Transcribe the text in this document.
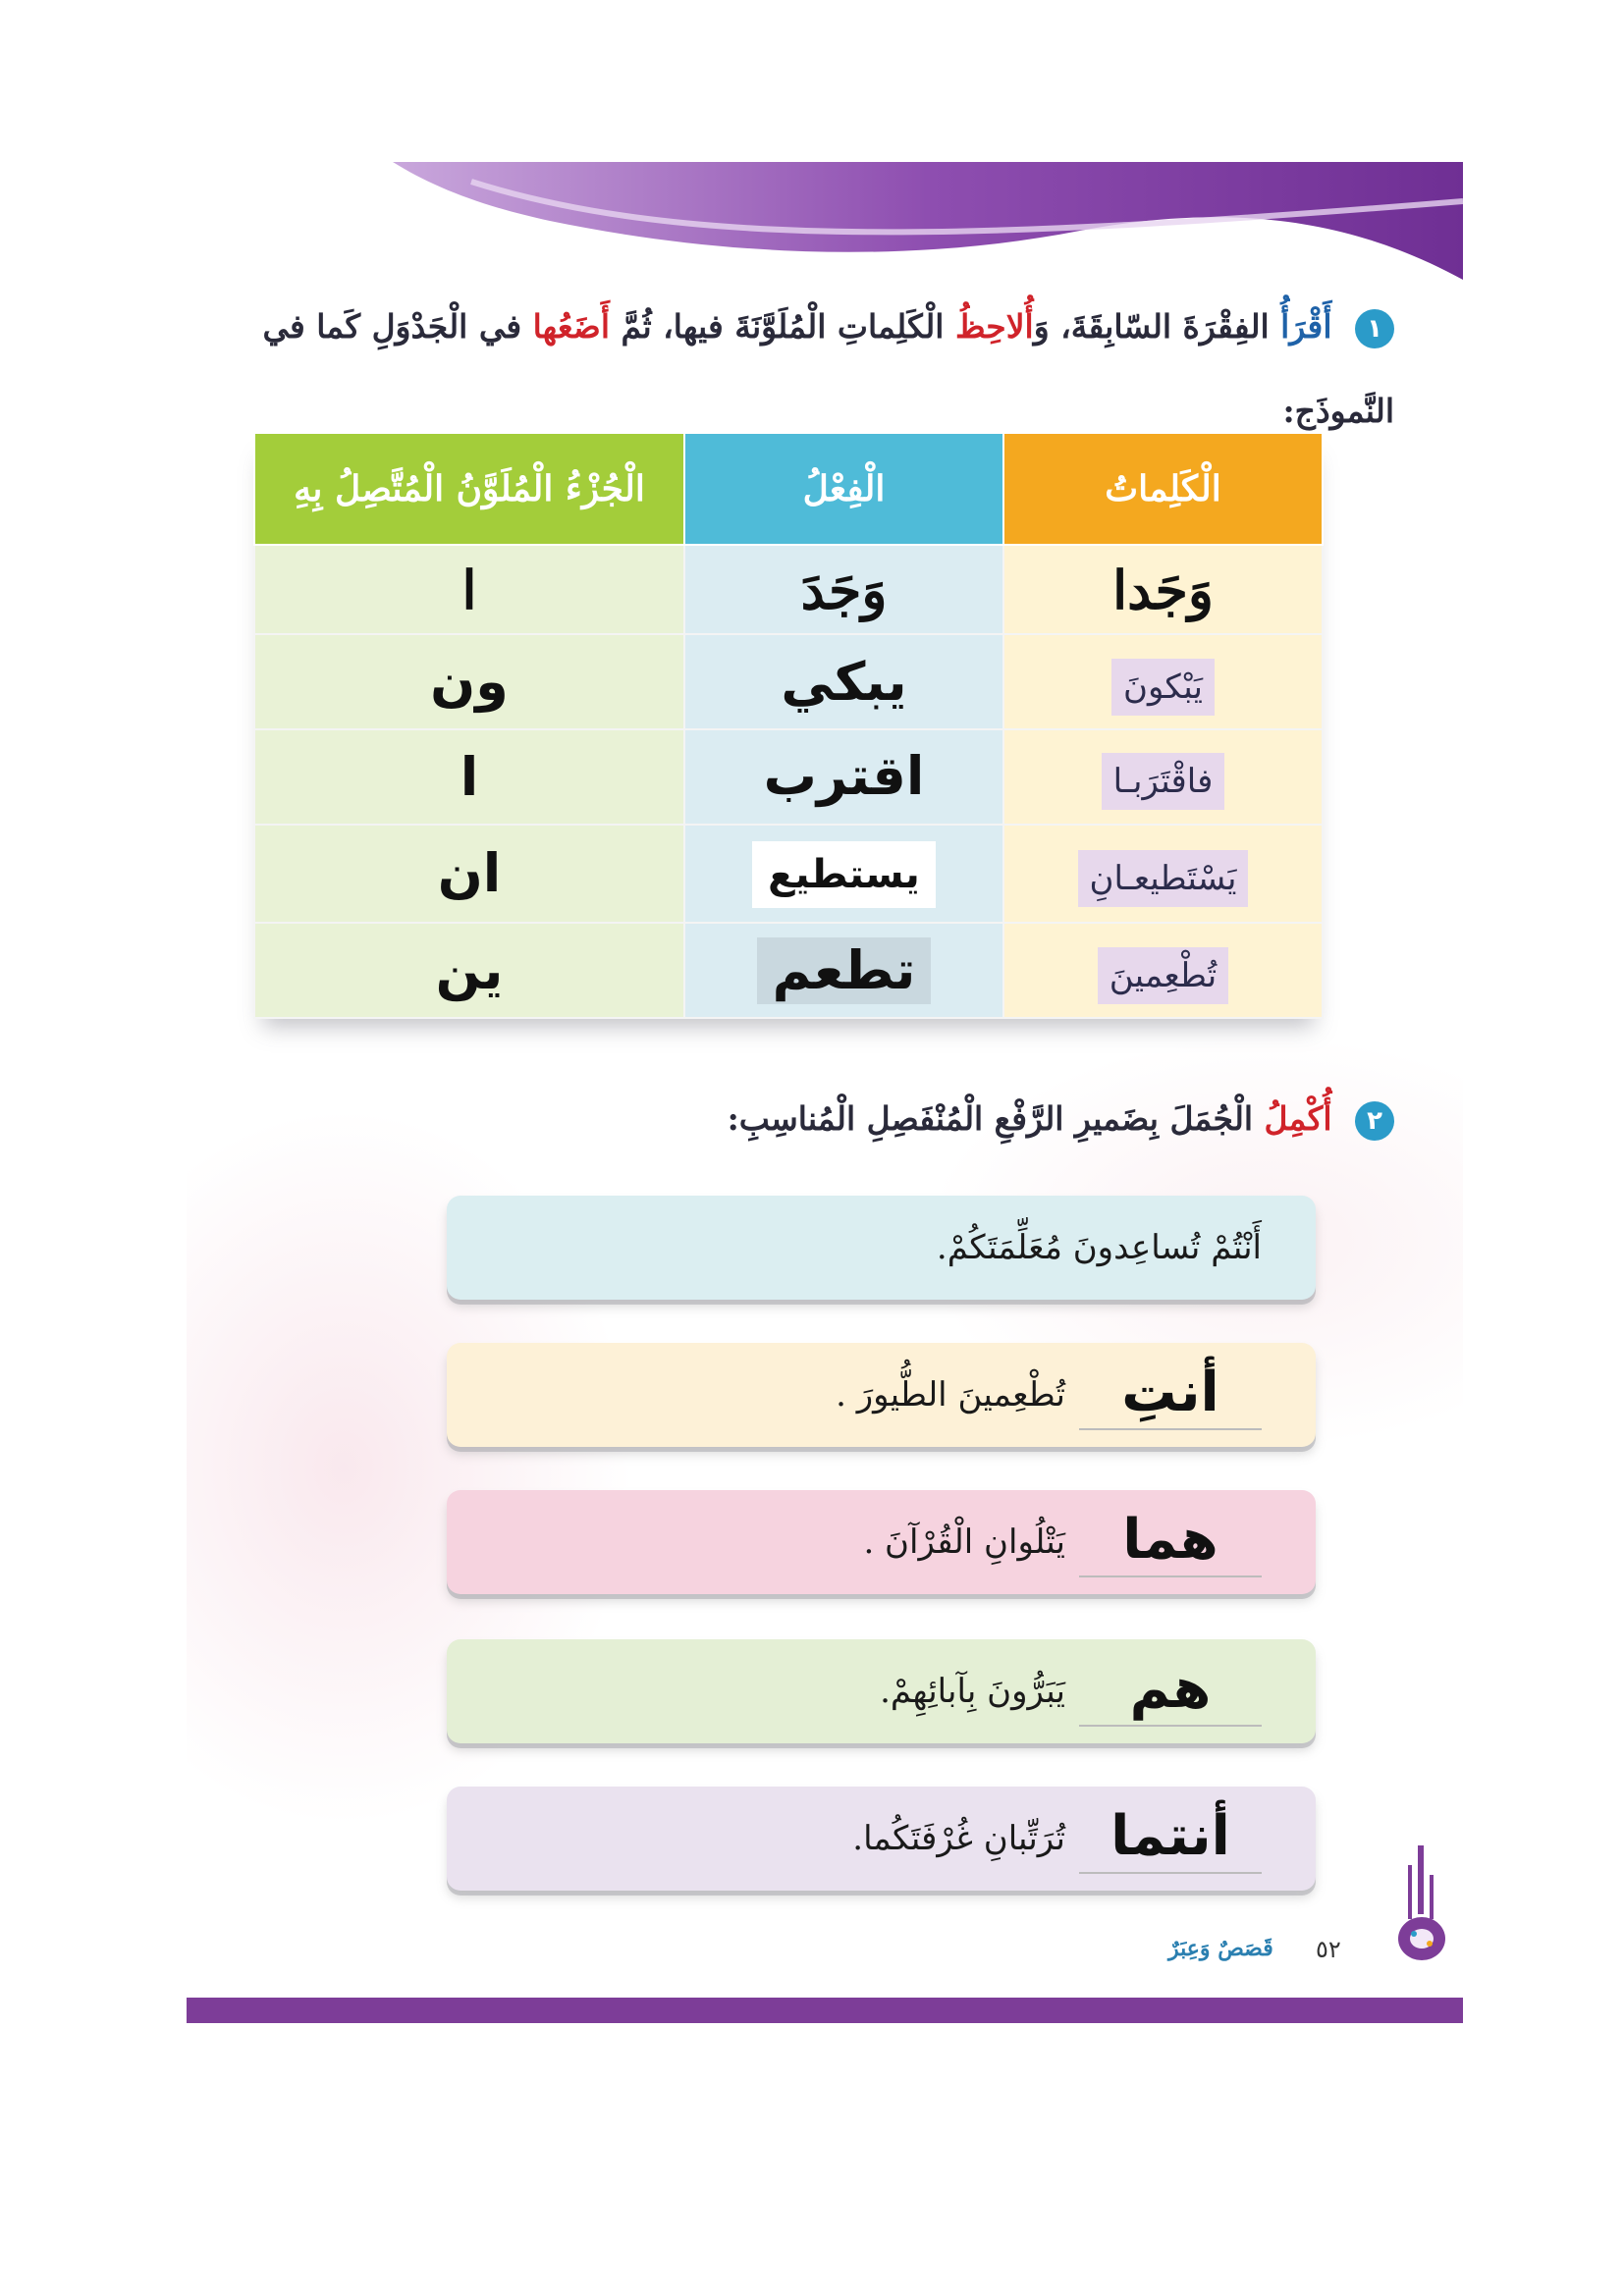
١ أَقْرَأُ الفِقْرَةَ السّابِقَةَ، وَأُلاحِظُ الْكَلِماتِ الْمُلَوَّنَةَ فيها، ثُمَّ أَضَعُها في الْجَدْوَلِ كَما في النَّموذَجِ:
الْكَلِماتُ	الْفِعْلُ	الْجُزْءُ الْمُلَوَّنُ الْمُتَّصِلُ بِهِ
وَجَدا	وَجَدَ	ا
يَبْكونَ	يبكي	ون
فاقْتَرَبـا	اقترب	ا
يَسْتَطيعـانِ	يستطيع	ان
تُطْعِمينَ	تطعم	ين
٢ أُكْمِلُ الْجُمَلَ بِضَميرِ الرَّفْعِ الْمُنْفَصِلِ الْمُناسِبِ:
أَنْتُمْ تُساعِدونَ مُعَلِّمَتَكُمْ.
أنتِ
تُطْعِمينَ الطُّيورَ .
هما
يَتْلُوانِ الْقُرْآنَ .
هم
يَبَرُّونَ بِآبائِهِمْ.
أنتما
تُرَتِّبانِ غُرْفَتَكُما.
٥٢
قَصَصٌ وَعِبَرٌ
